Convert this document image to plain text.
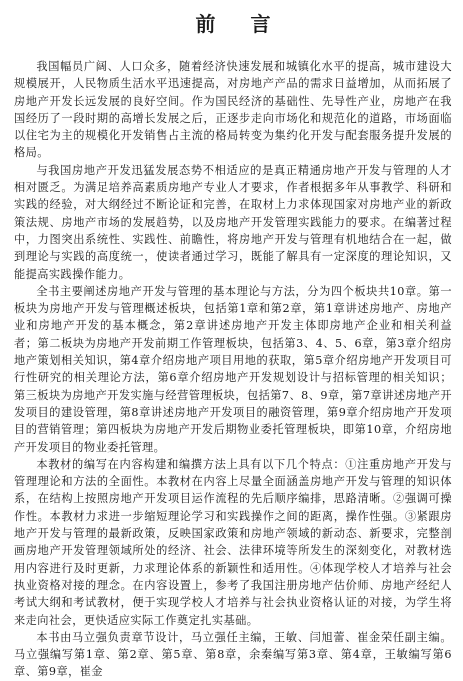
前 言

我国幅员广阔、人口众多，随着经济快速发展和城镇化水平的提高，城市建设大规模展开，人民物质生活水平迅速提高，对房地产产品的需求日益增加，从而拓展了房地产开发长远发展的良好空间。作为国民经济的基础性、先导性产业，房地产在我国经历了一段时期的高增长发展之后，正逐步走向市场化和规范化的道路，市场面临以住宅为主的规模化开发销售占主流的格局转变为集约化开发与配套服务提升发展的格局。

与我国房地产开发迅猛发展态势不相适应的是真正精通房地产开发与管理的人才相对匮乏。为满足培养高素质房地产专业人才要求，作者根据多年从事教学、科研和实践的经验，对大纲经过不断论证和完善，在取材上力求体现国家对房地产业的新政策法规、房地产市场的发展趋势，以及房地产开发管理实践能力的要求。在编著过程中，力图突出系统性、实践性、前瞻性，将房地产开发与管理有机地结合在一起，做到理论与实践的高度统一，使读者通过学习，既能了解具有一定深度的理论知识，又能提高实践操作能力。

全书主要阐述房地产开发与管理的基本理论与方法，分为四个板块共10章。第一板块为房地产开发与管理概述板块，包括第1章和第2章，第1章讲述房地产、房地产业和房地产开发的基本概念，第2章讲述房地产开发主体即房地产企业和相关利益者；第二板块为房地产开发前期工作管理板块，包括第3、4、5、6章，第3章介绍房地产策划相关知识，第4章介绍房地产项目用地的获取，第5章介绍房地产开发项目可行性研究的相关理论方法，第6章介绍房地产开发规划设计与招标管理的相关知识；第三板块为房地产开发实施与经营管理板块，包括第7、8、9章，第7章讲述房地产开发项目的建设管理，第8章讲述房地产开发项目的融资管理，第9章介绍房地产开发项目的营销管理；第四板块为房地产开发后期物业委托管理板块，即第10章，介绍房地产开发项目的物业委托管理。

本教材的编写在内容构建和编撰方法上具有以下几个特点：①注重房地产开发与管理理论和方法的全面性。本教材在内容上尽量全面涵盖房地产开发与管理的知识体系，在结构上按照房地产开发项目运作流程的先后顺序编排，思路清晰。②强调可操作性。本教材力求进一步缩短理论学习和实践操作之间的距离，操作性强。③紧跟房地产开发与管理的最新政策，反映国家政策和房地产领域的新动态、新要求，完整剖画房地产开发管理领域所处的经济、社会、法律环境等所发生的深刻变化，对教材选用内容进行及时更新，力求理论体系的新颖性和适用性。④体现学校人才培养与社会执业资格对接的理念。在内容设置上，参考了我国注册房地产估价师、房地产经纪人考试大纲和考试教材，便于实现学校人才培养与社会执业资格认证的对接，为学生将来走向社会，更快适应实际工作奠定扎实基础。

本书由马立强负责章节设计，马立强任主编，王敏、闫旭蕾、崔金荣任副主编。马立强编写第1章、第2章、第5章、第8章，余秦编写第3章、第4章，王敏编写第6章、第9章，崔金
